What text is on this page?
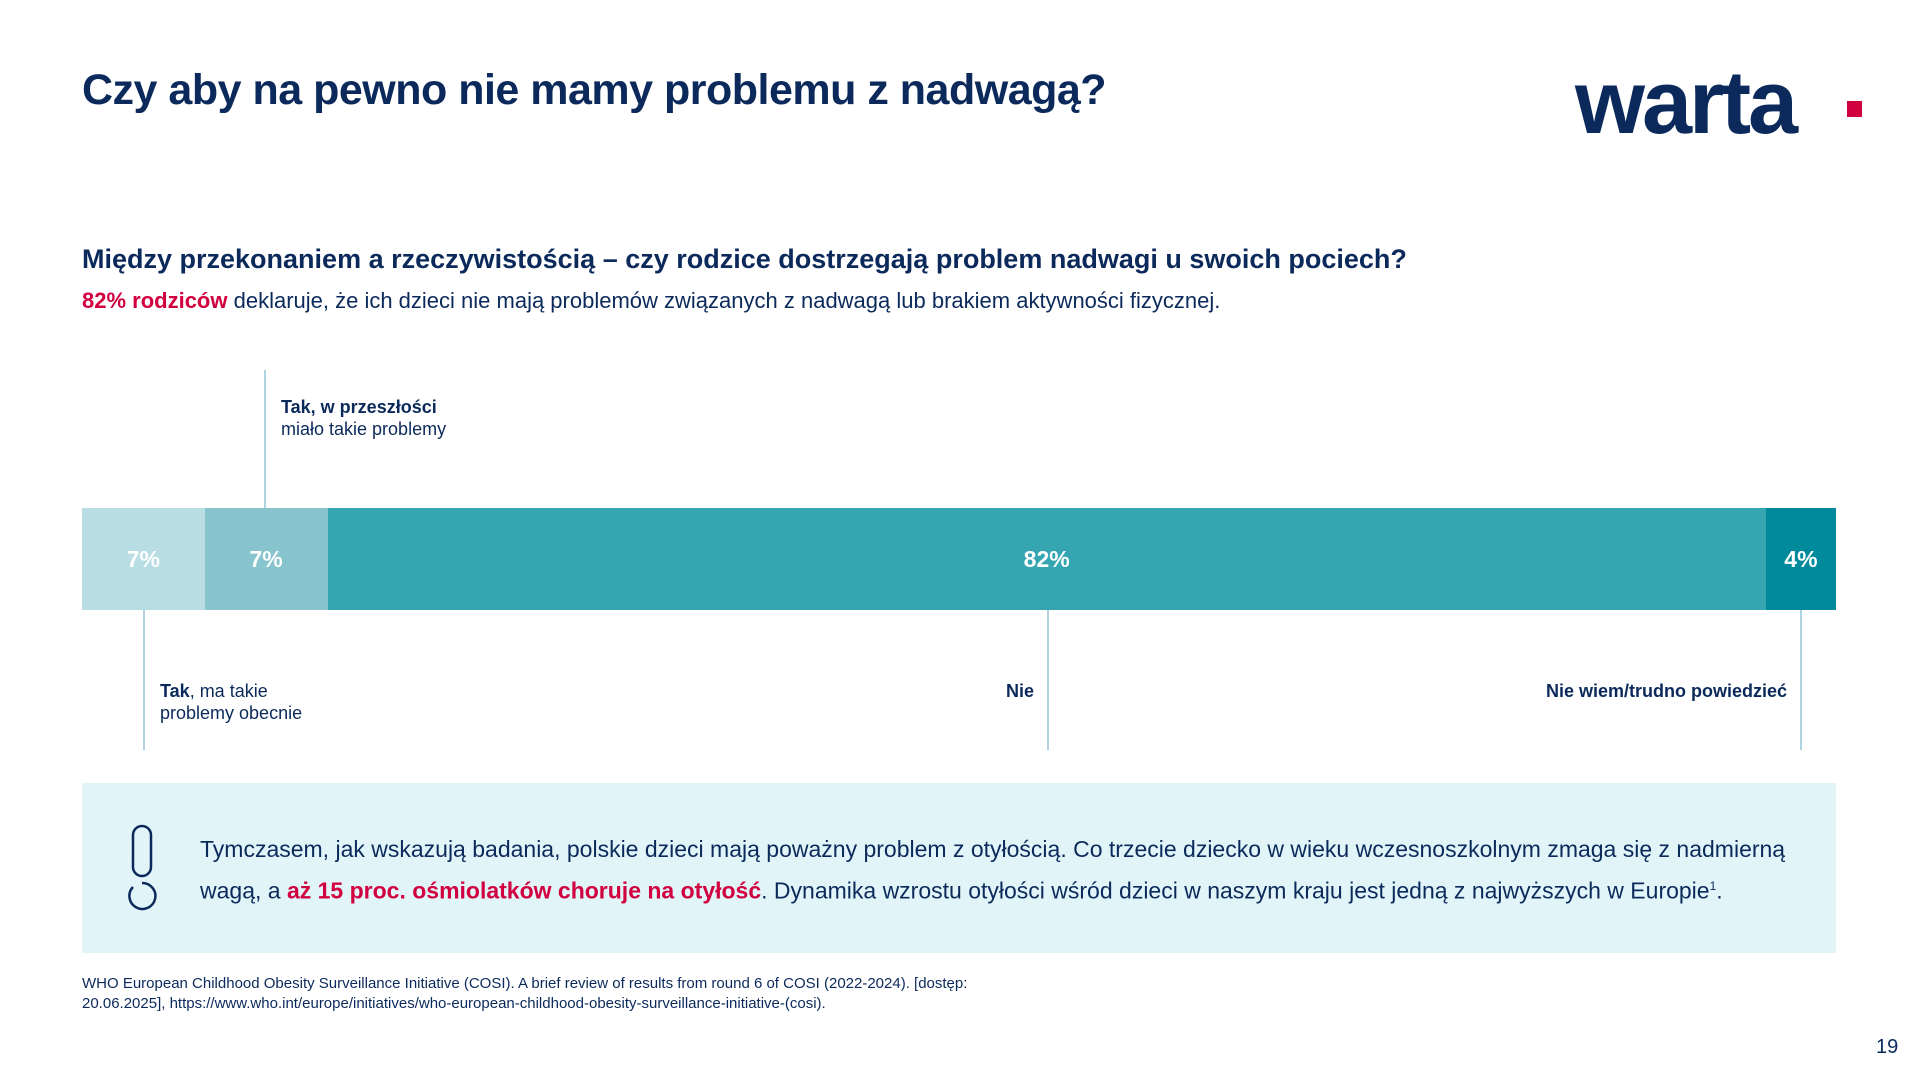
Czy aby na pewno nie mamy problemu z nadwagą?	warta
Między przekonaniem a rzeczywistością – czy rodzice dostrzegają problem nadwagi u swoich pociech?
82% rodziców deklaruje, że ich dzieci nie mają problemów związanych z nadwagą lub brakiem aktywności fizycznej.
Tak, w przeszłości
miało takie problemy
7%	7%	82%	4%
Tak, ma takie
problemy obecnie
Nie	Nie wiem/trudno powiedzieć
Tymczasem, jak wskazują badania, polskie dzieci mają poważny problem z otyłością. Co trzecie dziecko w wieku wczesnoszkolnym zmaga się z nadmierną wagą, a aż 15 proc. ośmiolatków choruje na otyłość. Dynamika wzrostu otyłości wśród dzieci w naszym kraju jest jedną z najwyższych w Europie$^1$.
WHO European Childhood Obesity Surveillance Initiative (COSI). A brief review of results from round 6 of COSI (2022-2024). [dostęp:
20.06.2025], https://www.who.int/europe/initiatives/who-european-childhood-obesity-surveillance-initiative-(cosi).
19
